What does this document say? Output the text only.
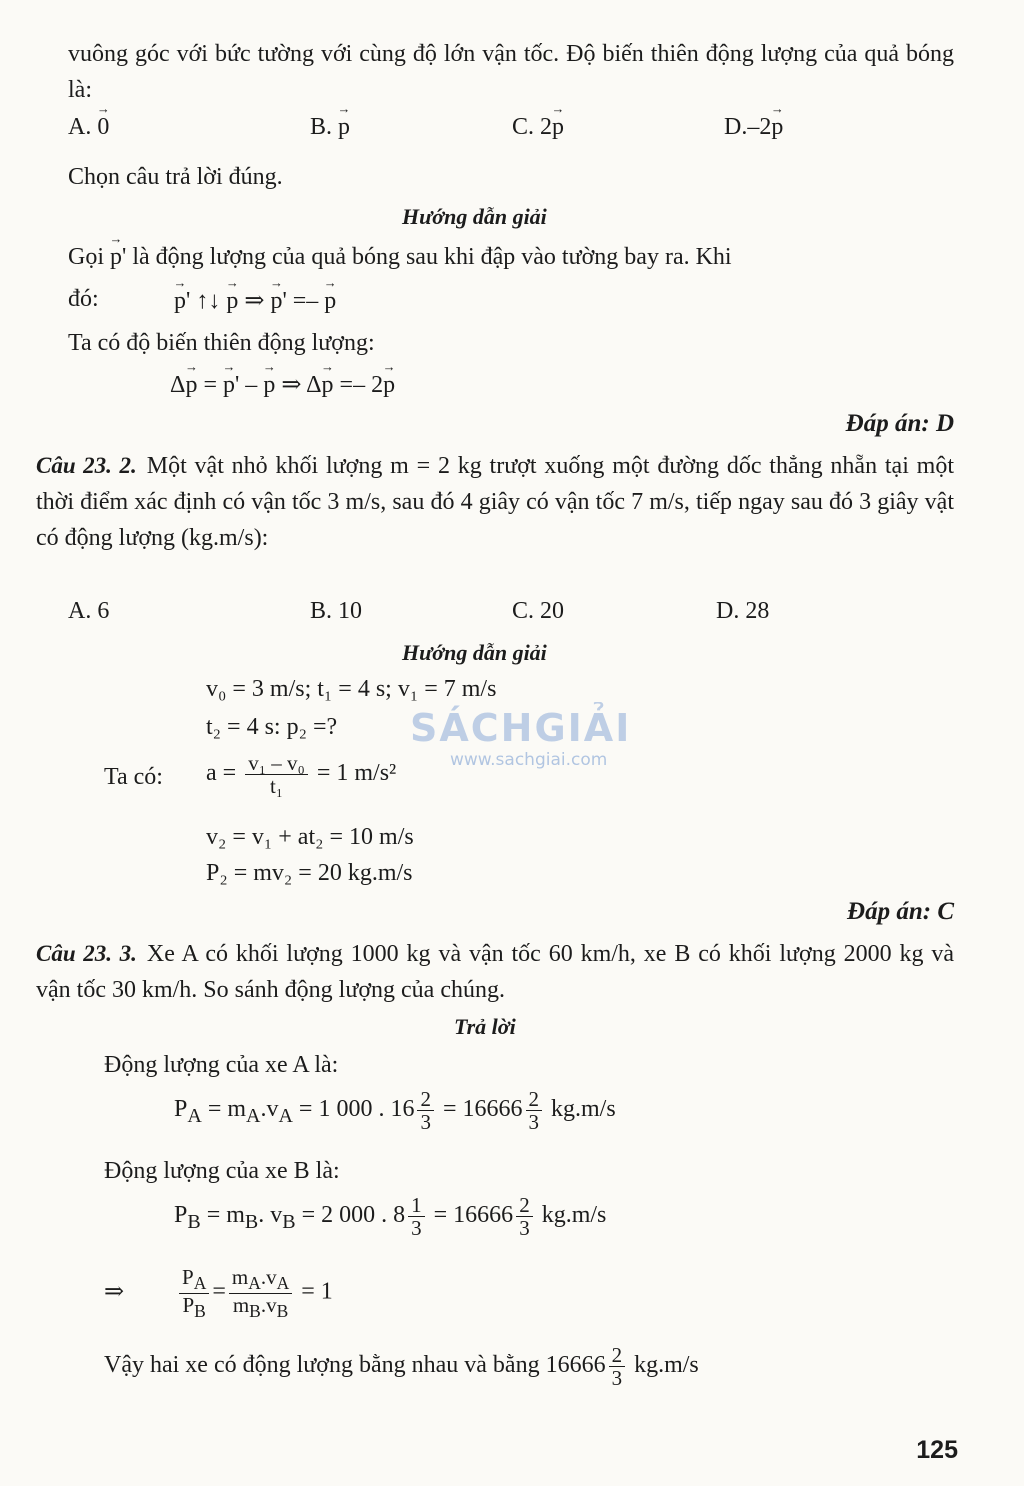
vuông góc với bức tường với cùng độ lớn vận tốc. Độ biến thiên động lượng của quả bóng là:
A. → 0	B. → p	C. 2→ p	D.–2→ p
Chọn câu trả lời đúng.
Hướng dẫn giải
Gọi → p' là động lượng của quả bóng sau khi đập vào tường bay ra. Khi
đó:
→	p' ↑↓ → p ⇒ → p' =– → p
Ta có độ biến thiên động lượng:
Δ→ p = → p' – → p ⇒ Δ→ p =– 2→ p
Đáp án: D
Câu 23. 2. Một vật nhỏ khối lượng m = 2 kg trượt xuống một đường dốc thẳng nhẵn tại một thời điểm xác định có vận tốc 3 m/s, sau đó 4 giây có vận tốc 7 m/s, tiếp ngay sau đó 3 giây vật có động lượng (kg.m/s):
A. 6	B. 10	C. 20	D. 28
Hướng dẫn giải
v₀ = 3 m/s; t₁ = 4 s; v₁ = 7 m/s
t₂ = 4 s: p₂ =?
Ta có: $a = \frac{\text{v₁ – v₀}}{\text{t₁}} = 1$ m/s²
v₂ = v₁ + at₂ = 10 m/s
P₂ = mv₂ = 20 kg.m/s
Đáp án: C
Câu 23. 3. Xe A có khối lượng 1000 kg và vận tốc 60 km/h, xe B có khối lượng 2000 kg và vận tốc 30 km/h. So sánh động lượng của chúng.
Trả lời
Động lượng của xe A là:
$P_A = m_A.v_A = 1$ 000 . $16 \frac{2}{3} = 16666 \frac{2}{3} kg.m/s$
Động lượng của xe B là:
$P_B = m_B$. $v_B = 2$ 000 . $8 \frac{1}{3} = 16666 \frac{2}{3} kg.m/s$
⇒	$\frac{P_A}{P_B} = \frac{m_A.v_A}{m_B.v_B} = 1$
Vậy hai xe có động lượng bằng nhau và bằng $16666 \frac{2}{3} kg.m/s$
SÁCHGIẢI
www.sachgiai.com
125
